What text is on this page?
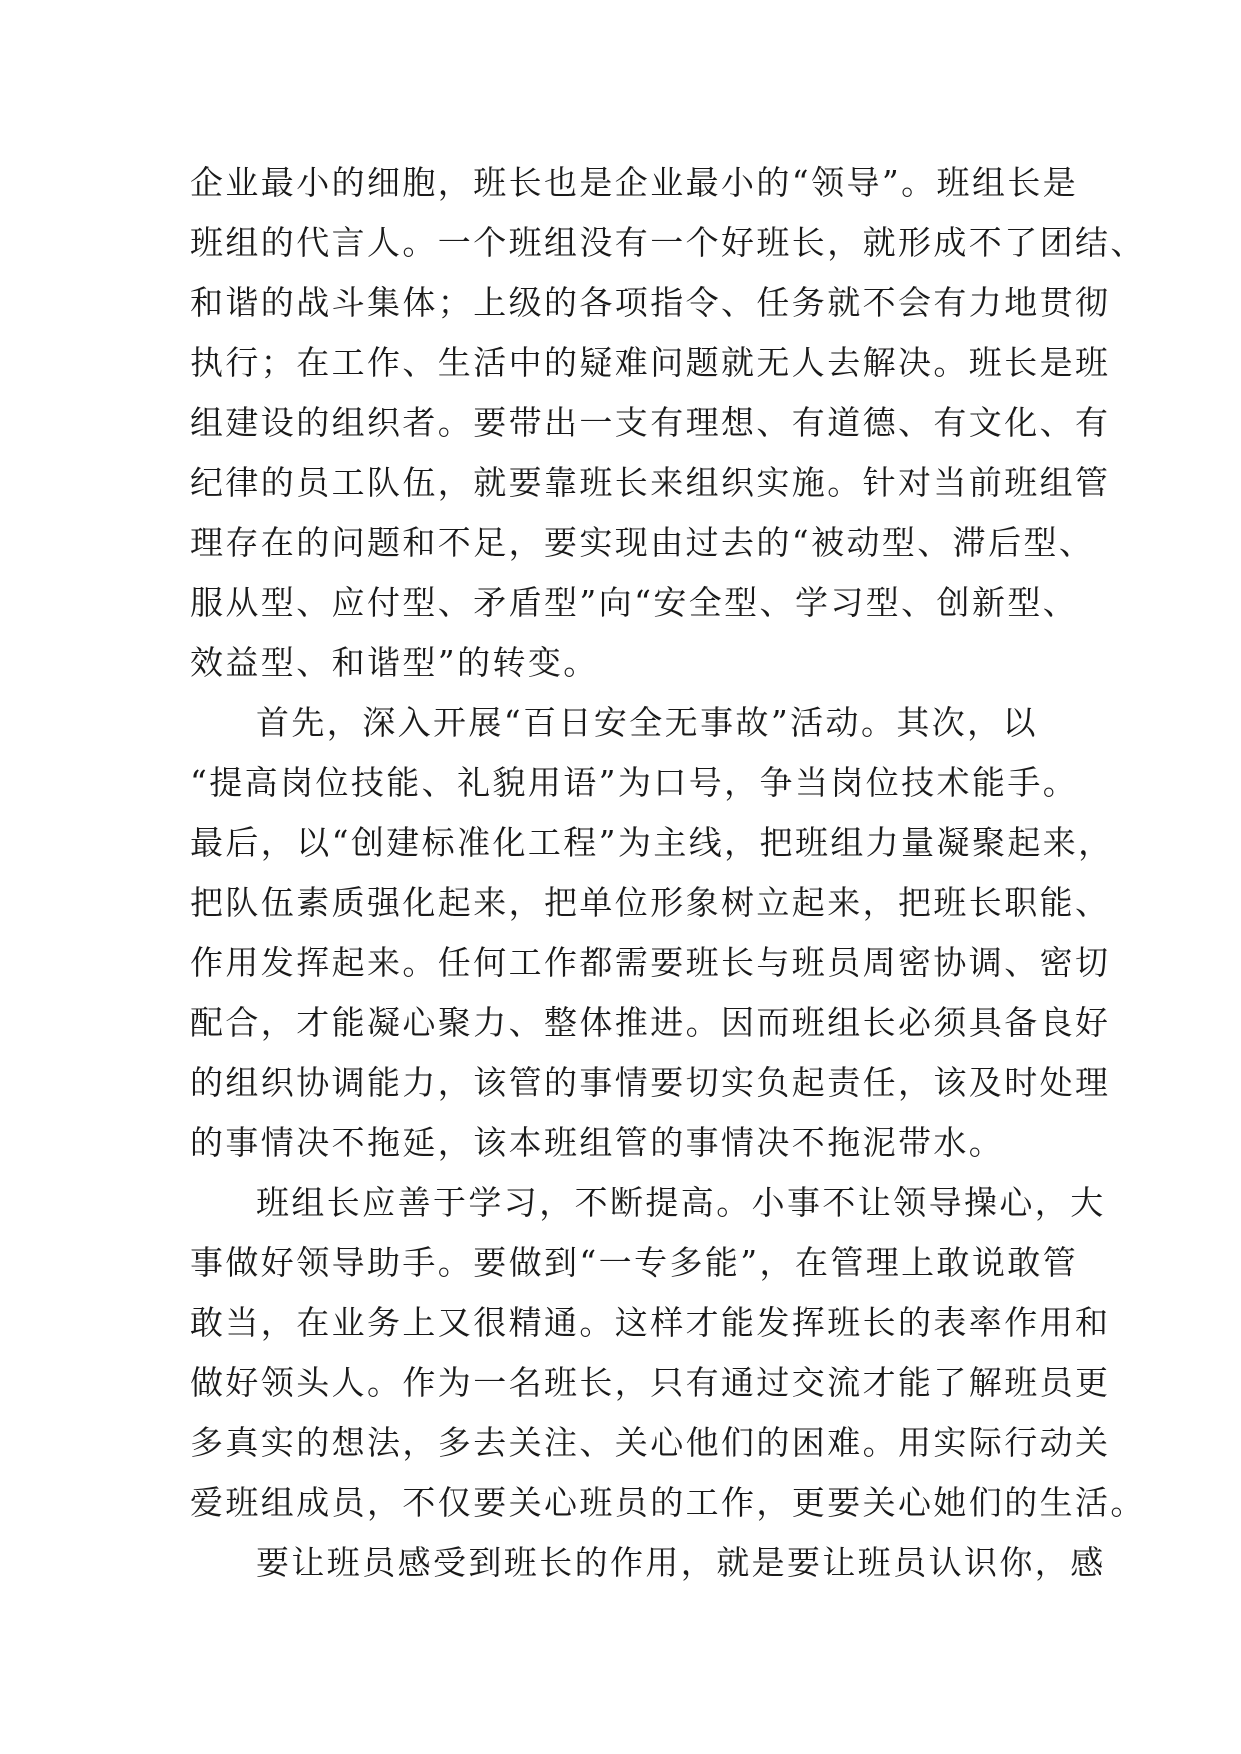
企业最小的细胞，班长也是企业最小的“领导”。班组长是
班组的代言人。一个班组没有一个好班长，就形成不了团结、
和谐的战斗集体；上级的各项指令、任务就不会有力地贯彻
执行；在工作、生活中的疑难问题就无人去解决。班长是班
组建设的组织者。要带出一支有理想、有道德、有文化、有
纪律的员工队伍，就要靠班长来组织实施。针对当前班组管
理存在的问题和不足，要实现由过去的“被动型、滞后型、
服从型、应付型、矛盾型”向“安全型、学习型、创新型、
效益型、和谐型”的转变。
首先，深入开展“百日安全无事故”活动。其次，以
“提高岗位技能、礼貌用语”为口号，争当岗位技术能手。
最后，以“创建标准化工程”为主线，把班组力量凝聚起来，
把队伍素质强化起来，把单位形象树立起来，把班长职能、
作用发挥起来。任何工作都需要班长与班员周密协调、密切
配合，才能凝心聚力、整体推进。因而班组长必须具备良好
的组织协调能力，该管的事情要切实负起责任，该及时处理
的事情决不拖延，该本班组管的事情决不拖泥带水。
班组长应善于学习，不断提高。小事不让领导操心，大
事做好领导助手。要做到“一专多能”，在管理上敢说敢管
敢当，在业务上又很精通。这样才能发挥班长的表率作用和
做好领头人。作为一名班长，只有通过交流才能了解班员更
多真实的想法，多去关注、关心他们的困难。用实际行动关
爱班组成员，不仅要关心班员的工作，更要关心她们的生活。
要让班员感受到班长的作用，就是要让班员认识你，感
